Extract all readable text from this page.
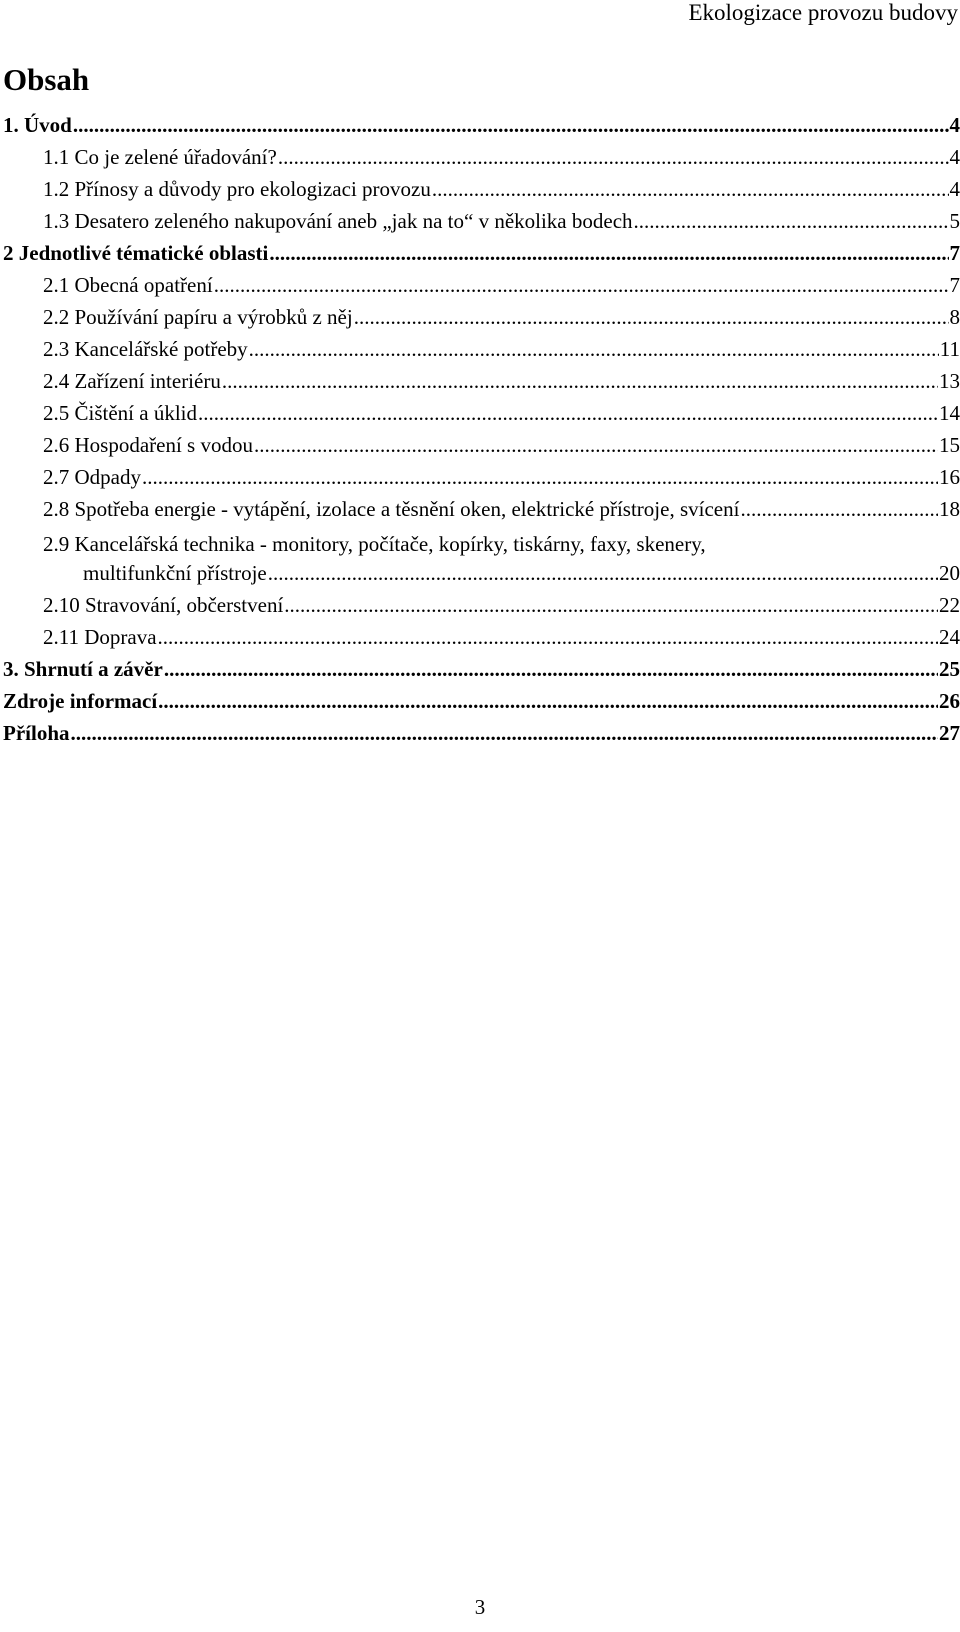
Ekologizace provozu budovy
Obsah
1. Úvod .....	4
1.1 Co je zelené úřadování? .....	4
1.2 Přínosy a důvody pro ekologizaci provozu .....	4
1.3 Desatero zeleného nakupování aneb „jak na to“ v několika bodech .....	5
2 Jednotlivé tématické oblasti .....	7
2.1 Obecná opatření .....	7
2.2 Používání papíru a výrobků z něj .....	8
2.3 Kancelářské potřeby .....	11
2.4 Zařízení interiéru .....	13
2.5 Čištění a úklid .....	14
2.6 Hospodaření s vodou .....	15
2.7 Odpady .....	16
2.8 Spotřeba energie - vytápění, izolace a těsnění oken, elektrické přístroje, svícení .....	18
2.9 Kancelářská technika - monitory, počítače, kopírky, tiskárny, faxy, skenery,
multifunkční přístroje .....	20
2.10 Stravování, občerstvení .....	22
2.11 Doprava .....	24
3. Shrnutí a závěr .....	25
Zdroje informací .....	26
Příloha .....	27
3
